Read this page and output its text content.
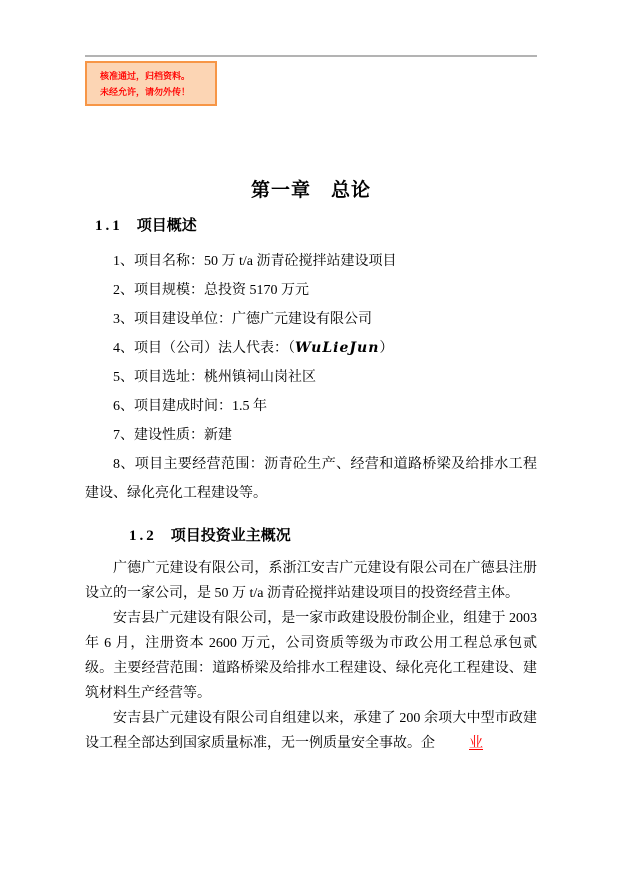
核准通过，归档资料。
未经允许，请勿外传！
第一章　总论
1.1 项目概述
1、项目名称：50 万 t/a 沥青砼搅拌站建设项目
2、项目规模：总投资 5170 万元
3、项目建设单位：广德广元建设有限公司
4、项目（公司）法人代表：（WuLieJun）
5、项目选址：桃州镇祠山岗社区
6、项目建成时间：1.5 年
7、建设性质：新建
8、项目主要经营范围：沥青砼生产、经营和道路桥梁及给排水工程建设、绿化亮化工程建设等。
1.2 项目投资业主概况

广德广元建设有限公司，系浙江安吉广元建设有限公司在广德县注册设立的一家公司，是 50 万 t/a 沥青砼搅拌站建设项目的投资经营主体。

安吉县广元建设有限公司，是一家市政建设股份制企业，组建于 2003 年 6 月，注册资本 2600 万元，公司资质等级为市政公用工程总承包贰级。主要经营范围：道路桥梁及给排水工程建设、绿化亮化工程建设、建筑材料生产经营等。

安吉县广元建设有限公司自组建以来，承建了 200 余项大中型市政建设工程全部达到国家质量标准，无一例质量安全事故。企 业
